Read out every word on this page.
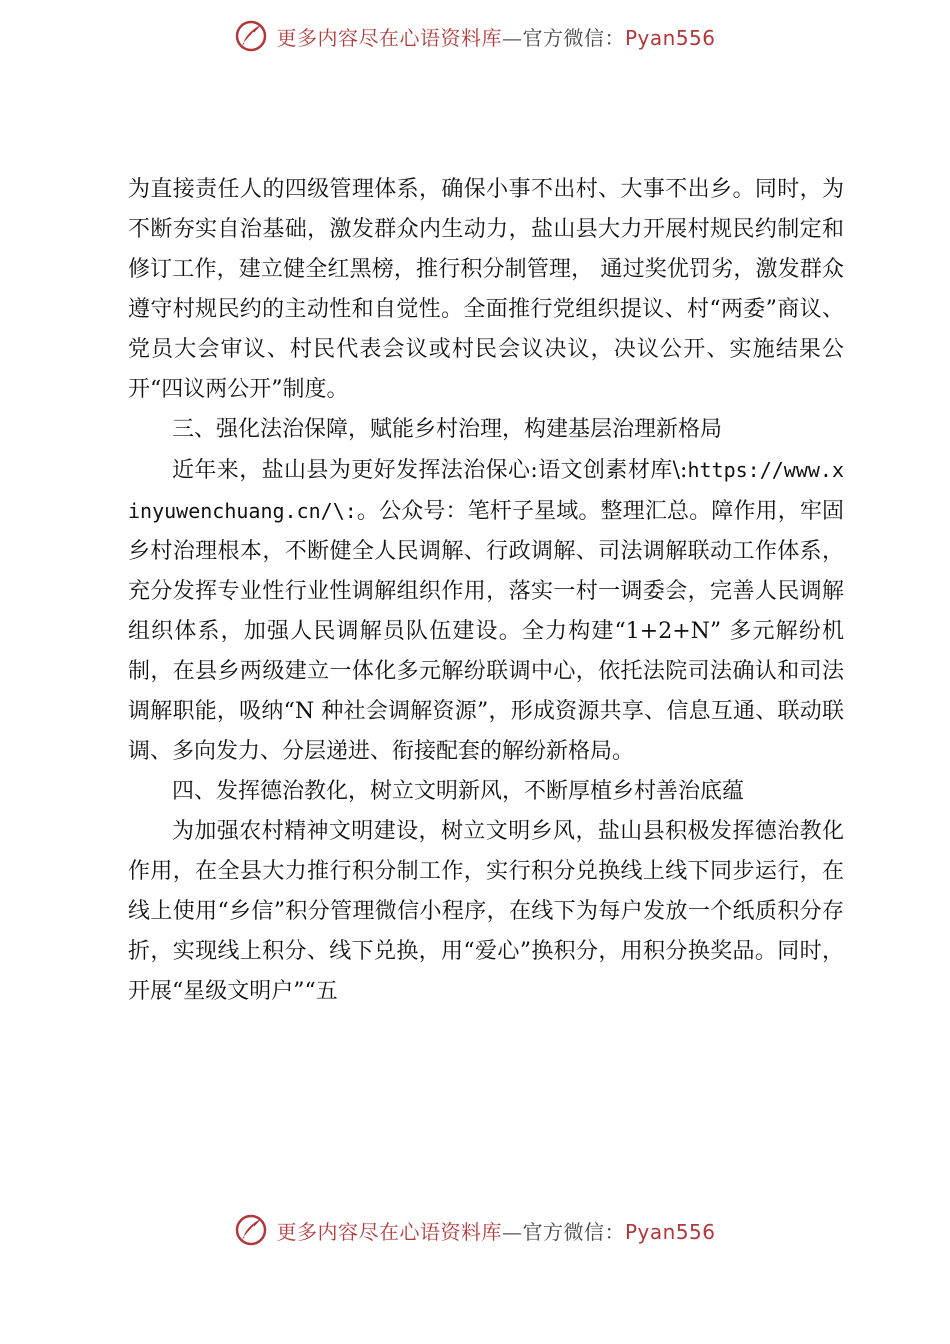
更多内容尽在心语资料库—官方微信：Pyan556

为直接责任人的四级管理体系，确保小事不出村、大事不出乡。同时，为不断夯实自治基础，激发群众内生动力，盐山县大力开展村规民约制定和修订工作，建立健全红黑榜，推行积分制管理， 通过奖优罚劣，激发群众遵守村规民约的主动性和自觉性。全面推行党组织提议、村“两委”商议、党员大会审议、村民代表会议或村民会议决议，决议公开、实施结果公开“四议两公开”制度。

三、强化法治保障，赋能乡村治理，构建基层治理新格局

近年来，盐山县为更好发挥法治保心:语文创素材库\:https://www.xinyuwenchuang.cn/\:。公众号：笔杆子星域。整理汇总。障作用，牢固乡村治理根本，不断健全人民调解、行政调解、司法调解联动工作体系，充分发挥专业性行业性调解组织作用，落实一村一调委会，完善人民调解组织体系，加强人民调解员队伍建设。全力构建“1+2+N” 多元解纷机制，在县乡两级建立一体化多元解纷联调中心，依托法院司法确认和司法调解职能，吸纳“N 种社会调解资源”，形成资源共享、信息互通、联动联调、多向发力、分层递进、衔接配套的解纷新格局。

四、发挥德治教化，树立文明新风，不断厚植乡村善治底蕴

为加强农村精神文明建设，树立文明乡风，盐山县积极发挥德治教化作用，在全县大力推行积分制工作，实行积分兑换线上线下同步运行，在线上使用“乡信”积分管理微信小程序，在线下为每户发放一个纸质积分存折，实现线上积分、线下兑换，用“爱心”换积分，用积分换奖品。同时，开展“星级文明户”“五

更多内容尽在心语资料库—官方微信：Pyan556
